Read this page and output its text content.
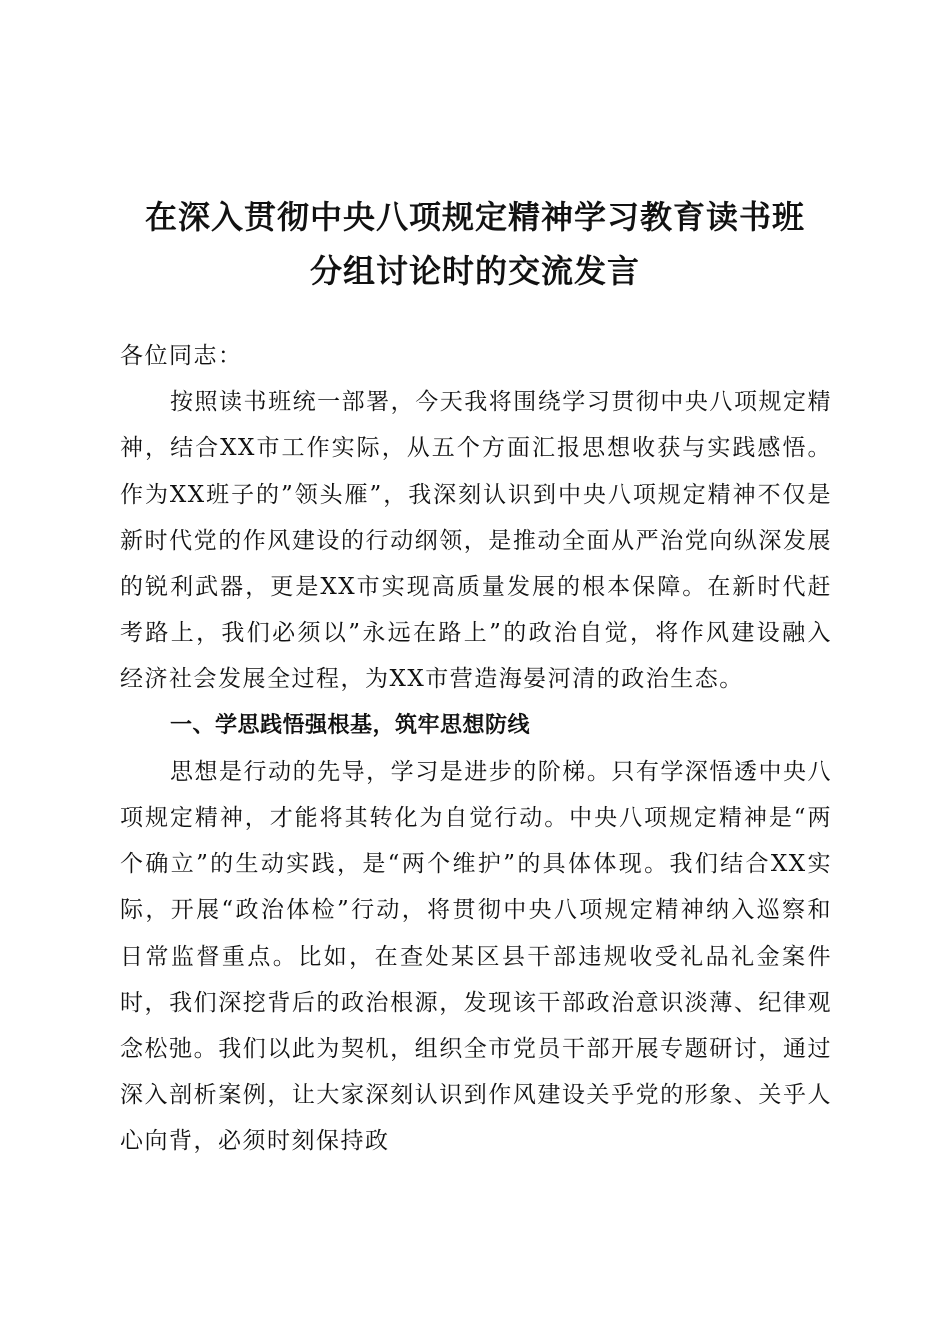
在深入贯彻中央八项规定精神学习教育读书班
分组讨论时的交流发言

各位同志：

按照读书班统一部署，今天我将围绕学习贯彻中央八项规定精神，结合XX市工作实际，从五个方面汇报思想收获与实践感悟。作为XX班子的”领头雁”，我深刻认识到中央八项规定精神不仅是新时代党的作风建设的行动纲领，是推动全面从严治党向纵深发展的锐利武器，更是XX市实现高质量发展的根本保障。在新时代赶考路上，我们必须以”永远在路上”的政治自觉，将作风建设融入经济社会发展全过程，为XX市营造海晏河清的政治生态。

一、学思践悟强根基，筑牢思想防线

思想是行动的先导，学习是进步的阶梯。只有学深悟透中央八项规定精神，才能将其转化为自觉行动。中央八项规定精神是“两个确立”的生动实践，是“两个维护”的具体体现。我们结合XX实际，开展“政治体检”行动，将贯彻中央八项规定精神纳入巡察和日常监督重点。比如，在查处某区县干部违规收受礼品礼金案件时，我们深挖背后的政治根源，发现该干部政治意识淡薄、纪律观念松弛。我们以此为契机，组织全市党员干部开展专题研讨，通过深入剖析案例，让大家深刻认识到作风建设关乎党的形象、关乎人心向背，必须时刻保持政
